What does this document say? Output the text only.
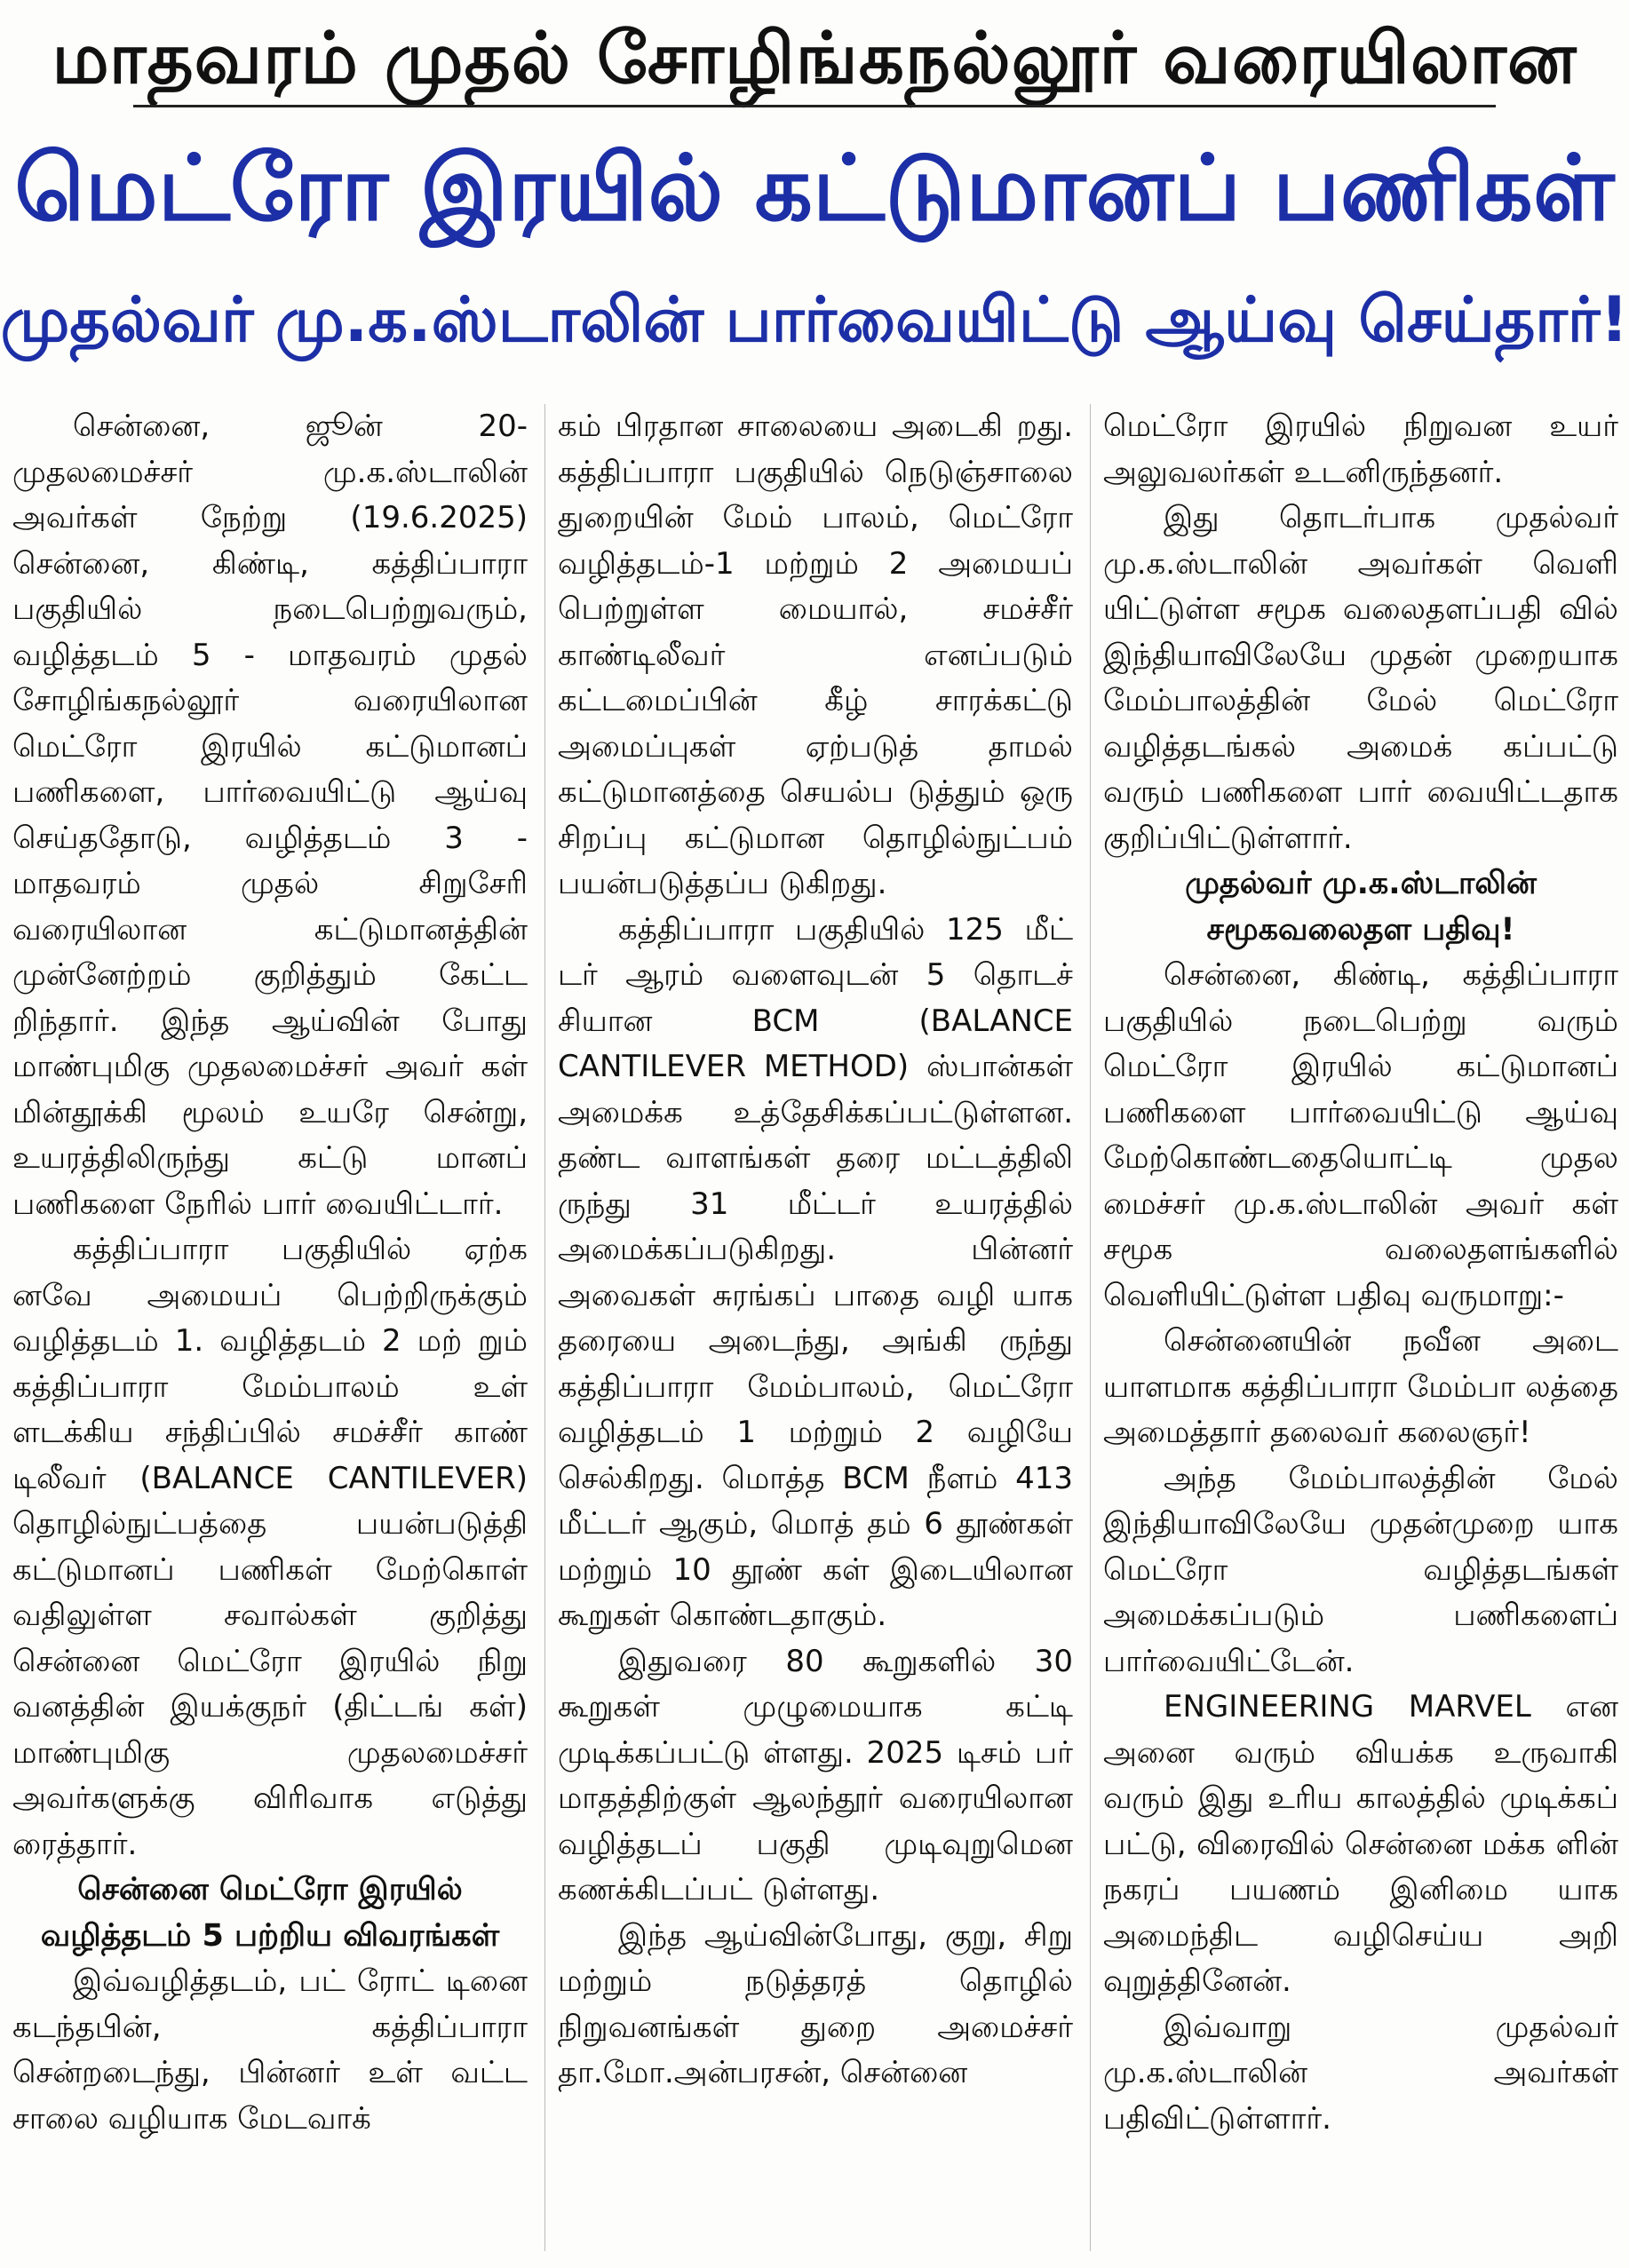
மாதவரம் முதல் சோழிங்கநல்லூர் வரையிலான
மெட்ரோ இரயில் கட்டுமானப் பணிகள்
முதல்வர் மு.க.ஸ்டாலின் பார்வையிட்டு ஆய்வு செய்தார்!

சென்னை, ஜூன் 20- முதலமைச்சர் மு.க.ஸ்டாலின் அவர்கள் நேற்று (19.6.2025) சென்னை, கிண்டி, கத்திப்பாரா பகுதியில் நடைபெற்றுவரும், வழித்தடம் 5 - மாதவரம் முதல் சோழிங்கநல்லூர் வரையிலான மெட்ரோ இரயில் கட்டுமானப் பணிகளை, பார்வையிட்டு ஆய்வு செய்ததோடு, வழித்தடம் 3 - மாதவரம் முதல் சிறுசேரி வரையிலான கட்டுமானத்தின் முன்னேற்றம் குறித்தும் கேட்ட றிந்தார். இந்த ஆய்வின் போது மாண்புமிகு முதலமைச்சர் அவர் கள் மின்தூக்கி மூலம் உயரே சென்று, உயரத்திலிருந்து கட்டு மானப் பணிகளை நேரில் பார் வையிட்டார்.

கத்திப்பாரா பகுதியில் ஏற்க னவே அமையப் பெற்றிருக்கும் வழித்தடம் 1. வழித்தடம் 2 மற் றும் கத்திப்பாரா மேம்பாலம் உள் ளடக்கிய சந்திப்பில் சமச்சீர் காண் டிலீவர் (BALANCE CANTILEVER) தொழில்நுட்பத்தை பயன்படுத்தி கட்டுமானப் பணிகள் மேற்கொள் வதிலுள்ள சவால்கள் குறித்து சென்னை மெட்ரோ இரயில் நிறு வனத்தின் இயக்குநர் (திட்டங் கள்) மாண்புமிகு முதலமைச்சர் அவர்களுக்கு விரிவாக எடுத்து ரைத்தார்.

சென்னை மெட்ரோ இரயில் வழித்தடம் 5 பற்றிய விவரங்கள்

இவ்வழித்தடம், பட் ரோட் டினை கடந்தபின், கத்திப்பாரா சென்றடைந்து, பின்னர் உள் வட்ட சாலை வழியாக மேடவாக்

கம் பிரதான சாலையை அடைகி றது. கத்திப்பாரா பகுதியில் நெடுஞ்சாலை துறையின் மேம் பாலம், மெட்ரோ வழித்தடம்-1 மற்றும் 2 அமையப் பெற்றுள்ள மையால், சமச்சீர் காண்டிலீவர் எனப்படும் கட்டமைப்பின் கீழ் சாரக்கட்டு அமைப்புகள் ஏற்படுத் தாமல் கட்டுமானத்தை செயல்ப டுத்தும் ஒரு சிறப்பு கட்டுமான தொழில்நுட்பம் பயன்படுத்தப்ப டுகிறது.

கத்திப்பாரா பகுதியில் 125 மீட் டர் ஆரம் வளைவுடன் 5 தொடச் சியான BCM (BALANCE CANTILEVER METHOD) ஸ்பான்கள் அமைக்க உத்தேசிக்கப்பட்டுள்ளன. தண்ட வாளங்கள் தரை மட்டத்திலி ருந்து 31 மீட்டர் உயரத்தில் அமைக்கப்படுகிறது. பின்னர் அவைகள் சுரங்கப் பாதை வழி யாக தரையை அடைந்து, அங்கி ருந்து கத்திப்பாரா மேம்பாலம், மெட்ரோ வழித்தடம் 1 மற்றும் 2 வழியே செல்கிறது. மொத்த BCM நீளம் 413 மீட்டர் ஆகும், மொத் தம் 6 தூண்கள் மற்றும் 10 தூண் கள் இடையிலான கூறுகள் கொண்டதாகும்.

இதுவரை 80 கூறுகளில் 30 கூறுகள் முழுமையாக கட்டி முடிக்கப்பட்டு ள்ளது. 2025 டிசம் பர் மாதத்திற்குள் ஆலந்தூர் வரையிலான வழித்தடப் பகுதி முடிவுறுமென கணக்கிடப்பட் டுள்ளது.

இந்த ஆய்வின்போது, குறு, சிறு மற்றும் நடுத்தரத் தொழில் நிறுவனங்கள் துறை அமைச்சர் தா.மோ.அன்பரசன், சென்னை

மெட்ரோ இரயில் நிறுவன உயர் அலுவலர்கள் உடனிருந்தனர்.

இது தொடர்பாக முதல்வர் மு.க.ஸ்டாலின் அவர்கள் வெளி யிட்டுள்ள சமூக வலைதளப்பதி வில் இந்தியாவிலேயே முதன் முறையாக மேம்பாலத்தின் மேல் மெட்ரோ வழித்தடங்கல் அமைக் கப்பட்டு வரும் பணிகளை பார் வையிட்டதாக குறிப்பிட்டுள்ளார்.

முதல்வர் மு.க.ஸ்டாலின் சமூகவலைதள பதிவு!

சென்னை, கிண்டி, கத்திப்பாரா பகுதியில் நடைபெற்று வரும் மெட்ரோ இரயில் கட்டுமானப் பணிகளை பார்வையிட்டு ஆய்வு மேற்கொண்டதையொட்டி முதல மைச்சர் மு.க.ஸ்டாலின் அவர் கள் சமூக வலைதளங்களில் வெளியிட்டுள்ள பதிவு வருமாறு:-

சென்னையின் நவீன அடை யாளமாக கத்திப்பாரா மேம்பா லத்தை அமைத்தார் தலைவர் கலைஞர்!

அந்த மேம்பாலத்தின் மேல் இந்தியாவிலேயே முதன்முறை யாக மெட்ரோ வழித்தடங்கள் அமைக்கப்படும் பணிகளைப் பார்வையிட்டேன்.

ENGINEERING MARVEL என அனை வரும் வியக்க உருவாகி வரும் இது உரிய காலத்தில் முடிக்கப் பட்டு, விரைவில் சென்னை மக்க ளின் நகரப் பயணம் இனிமை யாக அமைந்திட வழிசெய்ய அறி வுறுத்தினேன்.

இவ்வாறு முதல்வர் மு.க.ஸ்டாலின் அவர்கள் பதிவிட்டுள்ளார்.
